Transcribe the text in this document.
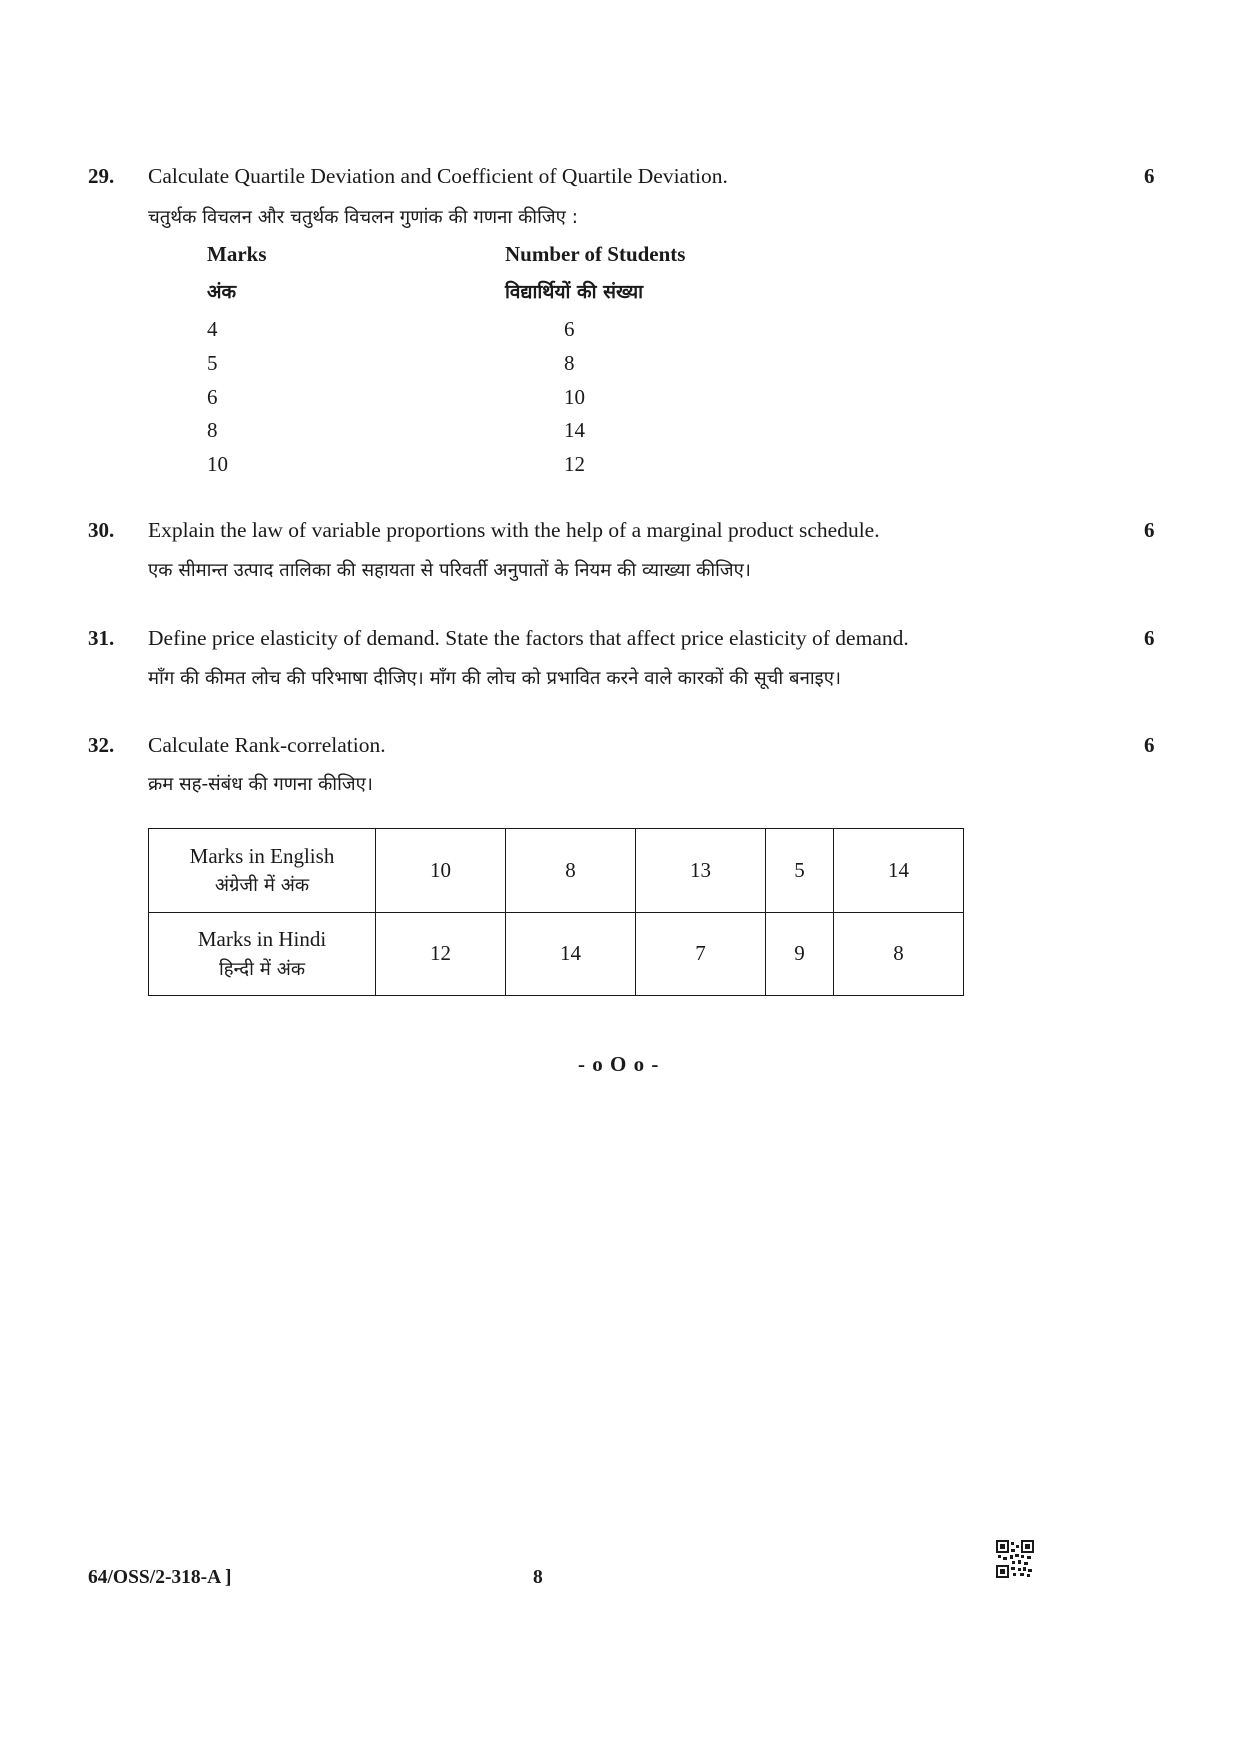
29. Calculate Quartile Deviation and Coefficient of Quartile Deviation.	6
चतुर्थक विचलन और चतुर्थक विचलन गुणांक की गणना कीजिए :
Marks	Number of Students
अंक	विद्यार्थियों की संख्या
4	6
5	8
6	10
8	14
10	12
30. Explain the law of variable proportions with the help of a marginal product schedule.	6
एक सीमान्त उत्पाद तालिका की सहायता से परिवर्ती अनुपातों के नियम की व्याख्या कीजिए।
31. Define price elasticity of demand. State the factors that affect price elasticity of demand.	6
माँग की कीमत लोच की परिभाषा दीजिए। माँग की लोच को प्रभावित करने वाले कारकों की सूची बनाइए।
32. Calculate Rank-correlation.	6
क्रम सह-संबंध की गणना कीजिए।
Marks in English
अंग्रेजी में अंक	10	8	13	5	14

Marks in Hindi
हिन्दी में अंक	12	14	7	9	8
- o O o -
64/OSS/2-318-A ]	8
